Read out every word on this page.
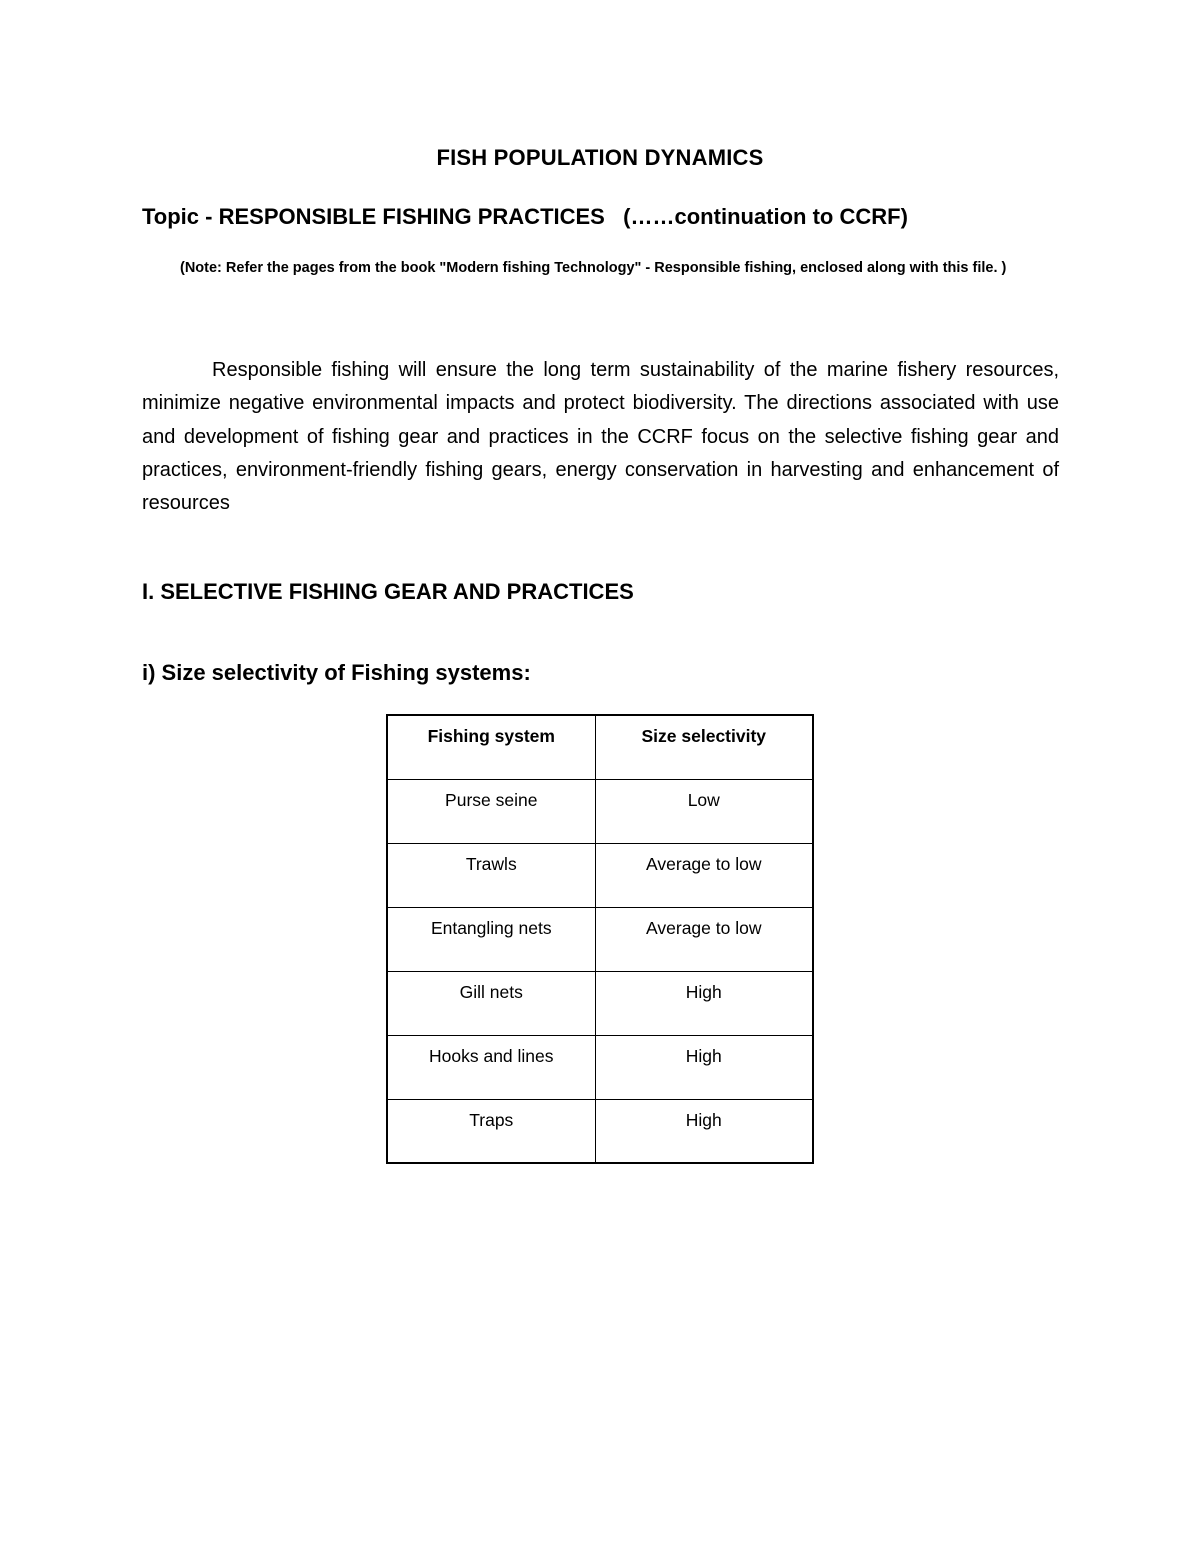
FISH POPULATION DYNAMICS
Topic - RESPONSIBLE FISHING PRACTICES   (……continuation to CCRF)

(Note: Refer the pages from the book "Modern fishing Technology" - Responsible fishing, enclosed along with this file. )

Responsible fishing will ensure the long term sustainability of the marine fishery resources, minimize negative environmental impacts and protect biodiversity. The directions associated with use and development of fishing gear and practices in the CCRF focus on the selective fishing gear and practices, environment-friendly fishing gears, energy conservation in harvesting and enhancement of resources

I. SELECTIVE FISHING GEAR AND PRACTICES
i) Size selectivity of Fishing systems:
Fishing system	Size selectivity
Purse seine	Low
Trawls	Average to low
Entangling nets	Average to low
Gill nets	High
Hooks and lines	High
Traps	High
